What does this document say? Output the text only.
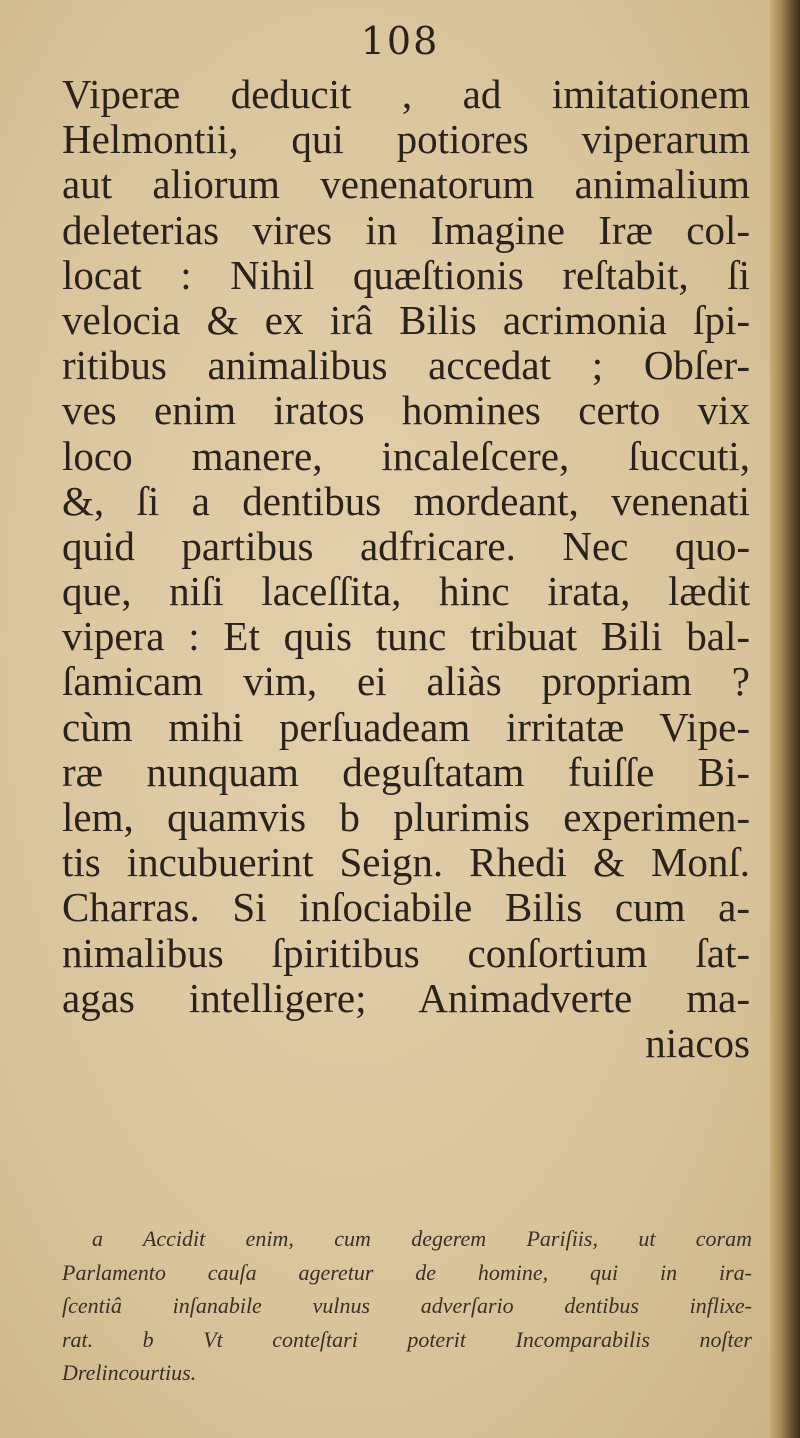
108
Viperæ deducit , ad imitationem
Helmontii, qui potiores viperarum
aut aliorum venenatorum animalium
deleterias vires in Imagine Iræ col-
locat : Nihil quæſtionis reſtabit, ſi
velocia & ex irâ Bilis acrimonia ſpi-
ritibus animalibus accedat ; Obſer-
ves enim iratos homines certo vix
loco manere, incaleſcere, ſuccuti,
&, ſi a dentibus mordeant, venenati
quid partibus adfricare. Nec quo-
que, niſi laceſſita, hinc irata, lædit
vipera : Et quis tunc tribuat Bili bal-
ſamicam vim, ei aliàs propriam ?
cùm mihi perſuadeam irritatæ Vipe-
ræ nunquam deguſtatam fuiſſe Bi-
lem, quamvis b plurimis experimen-
tis incubuerint Seign. Rhedi & Monſ.
Charras. Si inſociabile Bilis cum a-
nimalibus ſpiritibus conſortium ſat-
agas intelligere; Animadverte ma-
niacos
a Accidit enim, cum degerem Pariſiis, ut coram
Parlamento cauſa ageretur de homine, qui in ira-
ſcentiâ inſanabile vulnus adverſario dentibus inflixe-
rat. b Vt conteſtari poterit Incomparabilis noſter
Drelincourtius.
